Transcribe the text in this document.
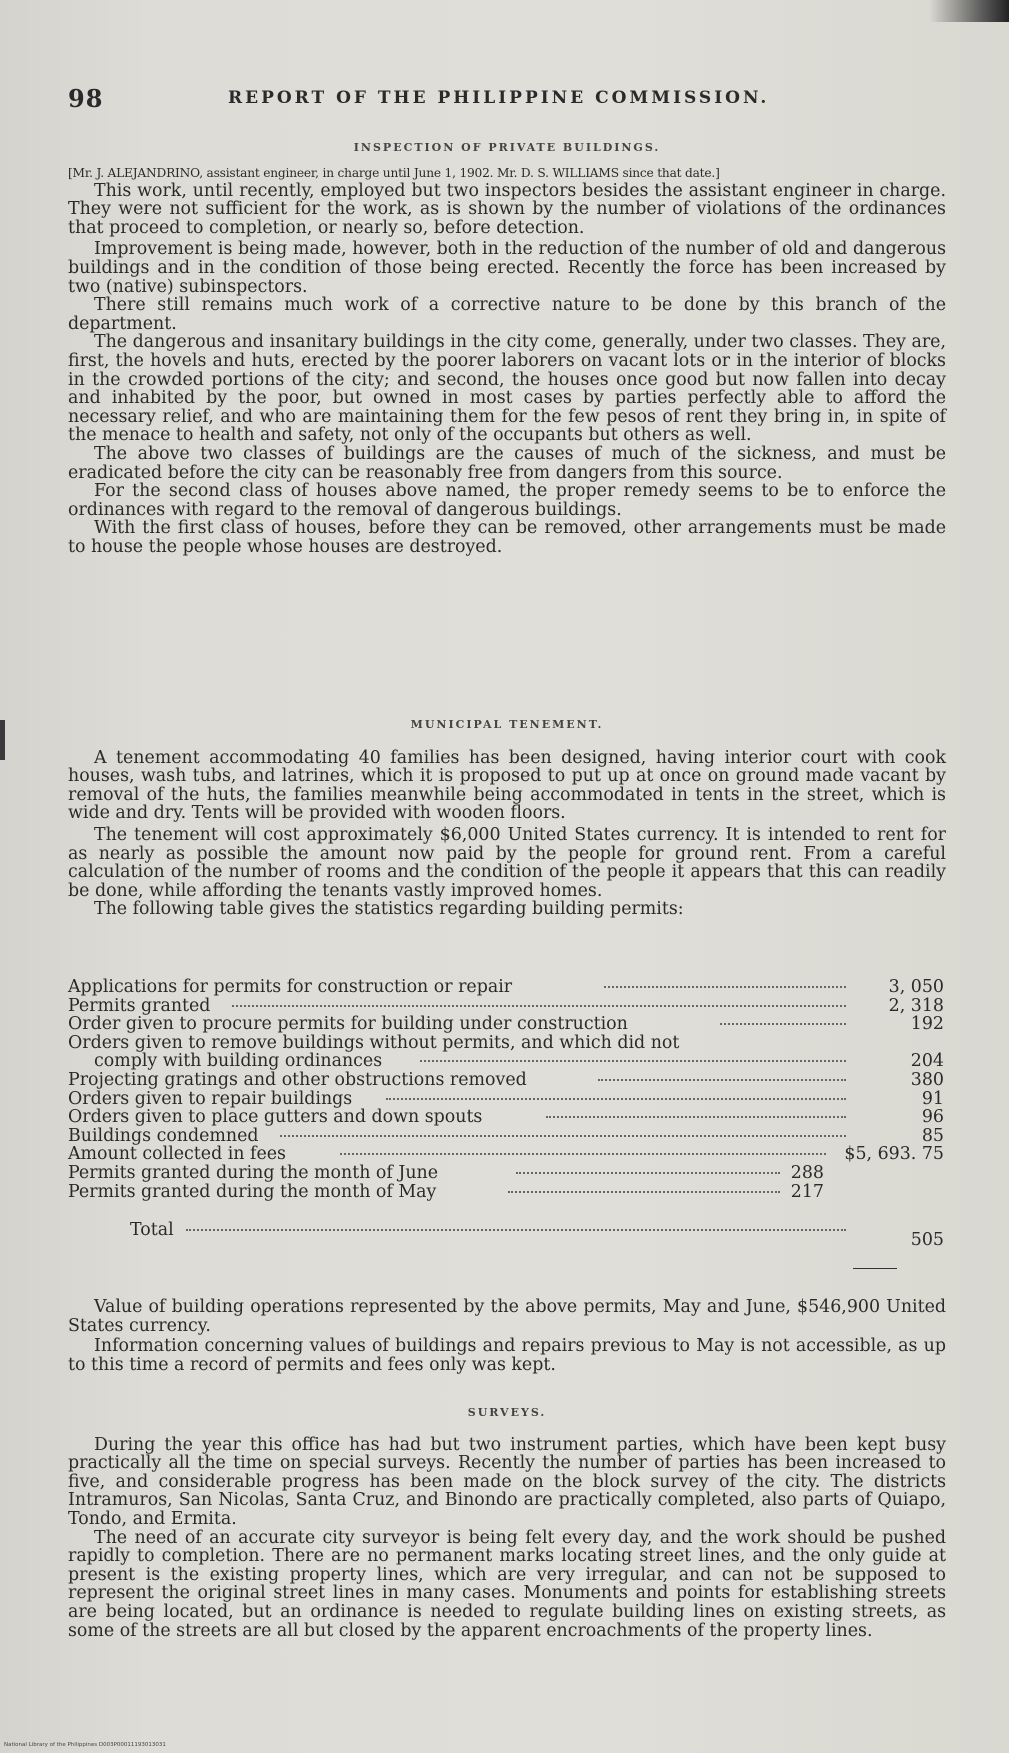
98	REPORT OF THE PHILIPPINE COMMISSION.
INSPECTION OF PRIVATE BUILDINGS.

[Mr. J. ALEJANDRINO, assistant engineer, in charge until June 1, 1902. Mr. D. S. WILLIAMS since that date.]

This work, until recently, employed but two inspectors besides the assistant engineer in charge. They were not sufficient for the work, as is shown by the number of violations of the ordinances that proceed to completion, or nearly so, before detection.

Improvement is being made, however, both in the reduction of the number of old and dangerous buildings and in the condition of those being erected. Recently the force has been increased by two (native) subinspectors.

There still remains much work of a corrective nature to be done by this branch of the department.

The dangerous and insanitary buildings in the city come, generally, under two classes. They are, first, the hovels and huts, erected by the poorer laborers on vacant lots or in the interior of blocks in the crowded portions of the city; and second, the houses once good but now fallen into decay and inhabited by the poor, but owned in most cases by parties perfectly able to afford the necessary relief, and who are maintaining them for the few pesos of rent they bring in, in spite of the menace to health and safety, not only of the occupants but others as well.

The above two classes of buildings are the causes of much of the sickness, and must be eradicated before the city can be reasonably free from dangers from this source.

For the second class of houses above named, the proper remedy seems to be to enforce the ordinances with regard to the removal of dangerous buildings.

With the first class of houses, before they can be removed, other arrangements must be made to house the people whose houses are destroyed.

MUNICIPAL TENEMENT.

A tenement accommodating 40 families has been designed, having interior court with cook houses, wash tubs, and latrines, which it is proposed to put up at once on ground made vacant by removal of the huts, the families meanwhile being accommodated in tents in the street, which is wide and dry. Tents will be provided with wooden floors.

The tenement will cost approximately $6,000 United States currency. It is intended to rent for as nearly as possible the amount now paid by the people for ground rent. From a careful calculation of the number of rooms and the condition of the people it appears that this can readily be done, while affording the tenants vastly improved homes.

The following table gives the statistics regarding building permits:

Applications for permits for construction or repair	3, 050
Permits granted	2, 318
Order given to procure permits for building under construction	192
Orders given to remove buildings without permits, and which did not
comply with building ordinances	204
Projecting gratings and other obstructions removed	380
Orders given to repair buildings	91
Orders given to place gutters and down spouts	96
Buildings condemned	85
Amount collected in fees	$5, 693. 75
Permits granted during the month of June	288
Permits granted during the month of May	217
Total	505

Value of building operations represented by the above permits, May and June, $546,900 United States currency.

Information concerning values of buildings and repairs previous to May is not accessible, as up to this time a record of permits and fees only was kept.

SURVEYS.

During the year this office has had but two instrument parties, which have been kept busy practically all the time on special surveys. Recently the number of parties has been increased to five, and considerable progress has been made on the block survey of the city. The districts Intramuros, San Nicolas, Santa Cruz, and Binondo are practically completed, also parts of Quiapo, Tondo, and Ermita.

The need of an accurate city surveyor is being felt every day, and the work should be pushed rapidly to completion. There are no permanent marks locating street lines, and the only guide at present is the existing property lines, which are very irregular, and can not be supposed to represent the original street lines in many cases. Monuments and points for establishing streets are being located, but an ordinance is needed to regulate building lines on existing streets, as some of the streets are all but closed by the apparent encroachments of the property lines.

National Library of the Philippines D003P00011193013031
